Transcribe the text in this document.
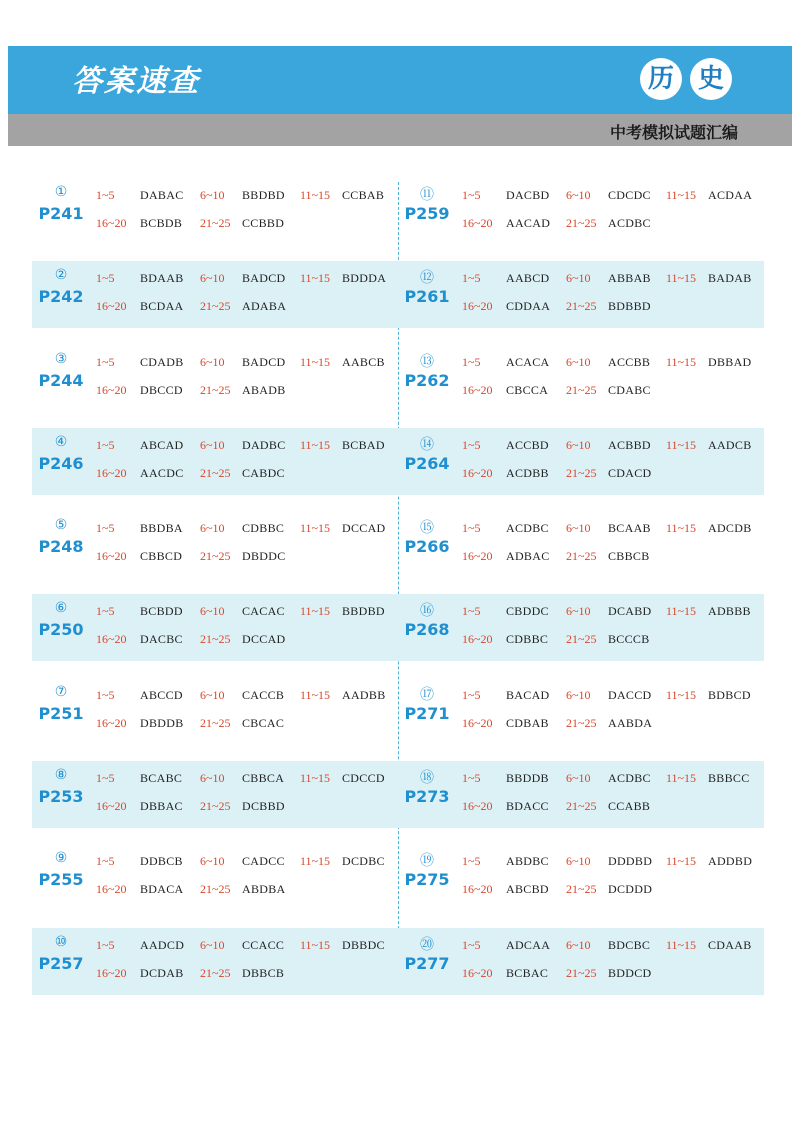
答案速查	历 史
中考模拟试题汇编
①
P241
1~5 DABAC 6~10 BBDBD 11~15 CCBAB
16~20 BCBDB 21~25 CCBBD
②
P242
1~5 BDAAB 6~10 BADCD 11~15 BDDDA
16~20 BCDAA 21~25 ADABA
③
P244
1~5 CDADB 6~10 BADCD 11~15 AABCB
16~20 DBCCD 21~25 ABADB
④
P246
1~5 ABCAD 6~10 DADBC 11~15 BCBAD
16~20 AACDC 21~25 CABDC
⑤
P248
1~5 BBDBA 6~10 CDBBC 11~15 DCCAD
16~20 CBBCD 21~25 DBDDC
⑥
P250
1~5 BCBDD 6~10 CACAC 11~15 BBDBD
16~20 DACBC 21~25 DCCAD
⑦
P251
1~5 ABCCD 6~10 CACCB 11~15 AADBB
16~20 DBDDB 21~25 CBCAC
⑧
P253
1~5 BCABC 6~10 CBBCA 11~15 CDCCD
16~20 DBBAC 21~25 DCBBD
⑨
P255
1~5 DDBCB 6~10 CADCC 11~15 DCDBC
16~20 BDACA 21~25 ABDBA
⑩
P257
1~5 AADCD 6~10 CCACC 11~15 DBBDC
16~20 DCDAB 21~25 DBBCB
⑪
P259
1~5 DACBD 6~10 CDCDC 11~15 ACDAA
16~20 AACAD 21~25 ACDBC
⑫
P261
1~5 AABCD 6~10 ABBAB 11~15 BADAB
16~20 CDDAA 21~25 BDBBD
⑬
P262
1~5 ACACA 6~10 ACCBB 11~15 DBBAD
16~20 CBCCA 21~25 CDABC
⑭
P264
1~5 ACCBD 6~10 ACBBD 11~15 AADCB
16~20 ACDBB 21~25 CDACD
⑮
P266
1~5 ACDBC 6~10 BCAAB 11~15 ADCDB
16~20 ADBAC 21~25 CBBCB
⑯
P268
1~5 CBDDC 6~10 DCABD 11~15 ADBBB
16~20 CDBBC 21~25 BCCCB
⑰
P271
1~5 BACAD 6~10 DACCD 11~15 BDBCD
16~20 CDBAB 21~25 AABDA
⑱
P273
1~5 BBDDB 6~10 ACDBC 11~15 BBBCC
16~20 BDACC 21~25 CCABB
⑲
P275
1~5 ABDBC 6~10 DDDBD 11~15 ADDBD
16~20 ABCBD 21~25 DCDDD
⑳
P277
1~5 ADCAA 6~10 BDCBC 11~15 CDAAB
16~20 BCBAC 21~25 BDDCD
